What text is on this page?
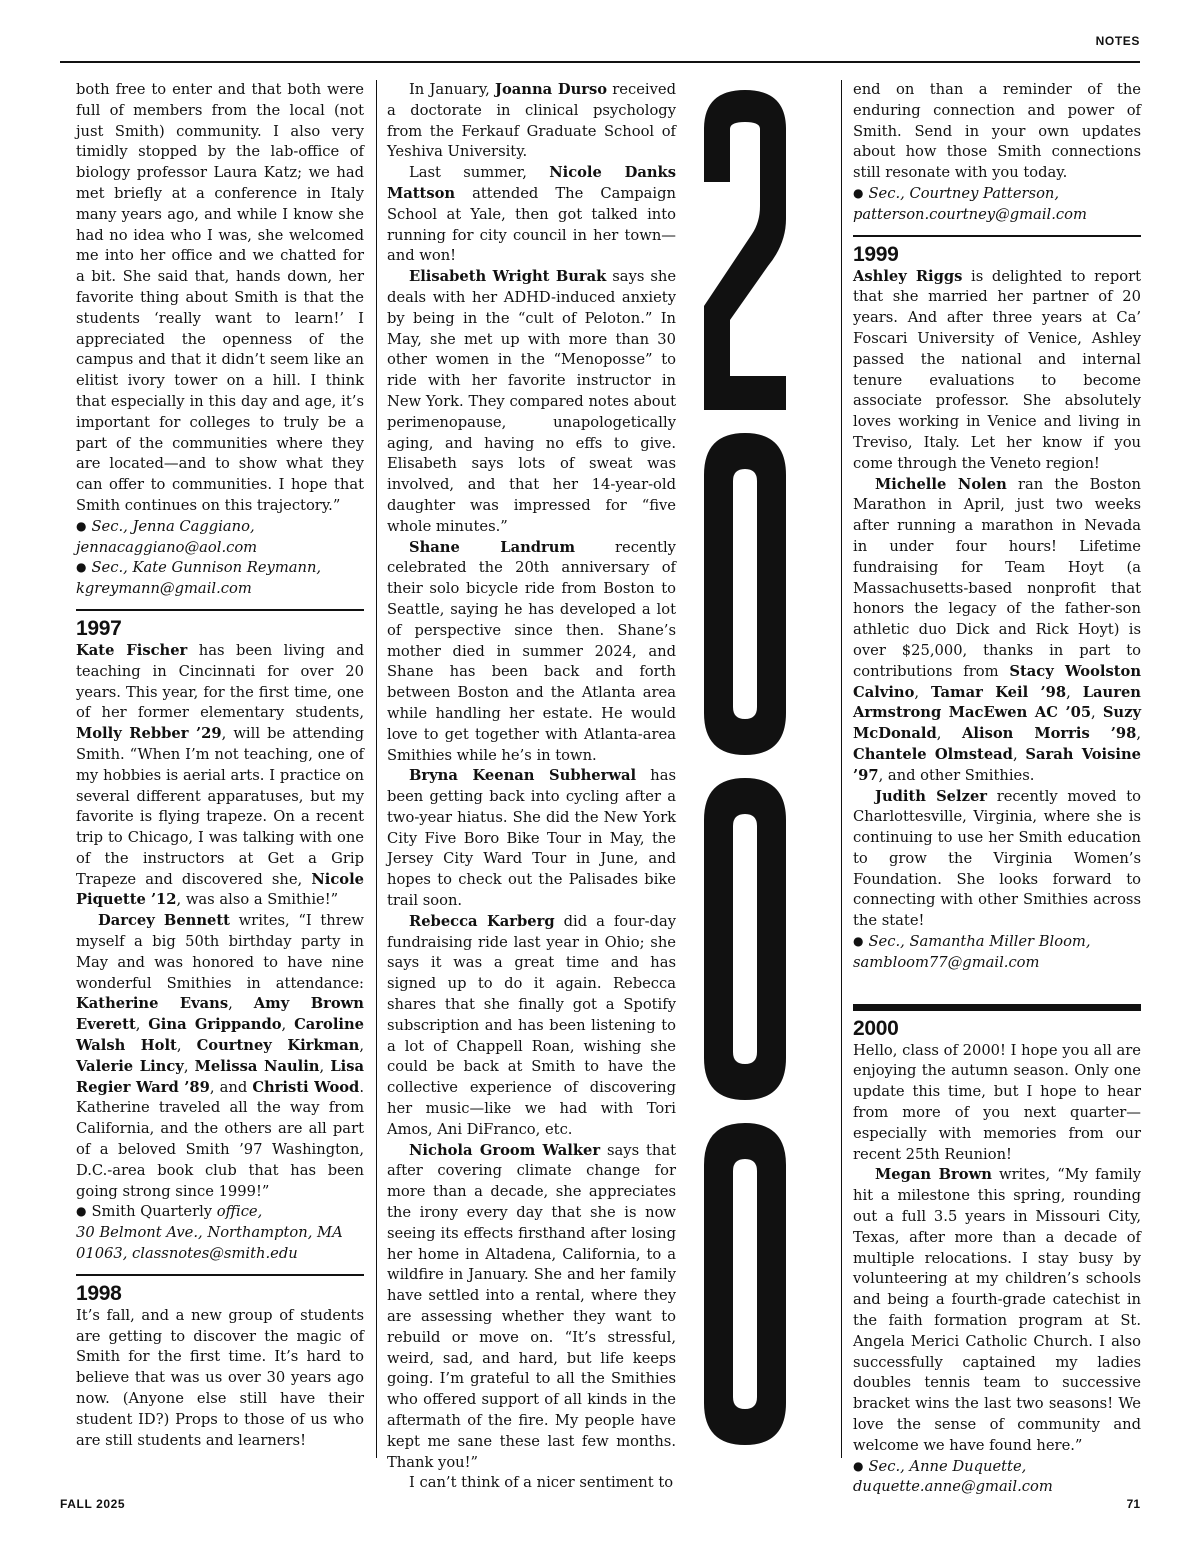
NOTES

both free to enter and that both were full of members from the local (not just Smith) community. I also very timidly stopped by the lab-office of biology professor Laura Katz; we had met briefly at a conference in Italy many years ago, and while I know she had no idea who I was, she welcomed me into her office and we chatted for a bit. She said that, hands down, her favorite thing about Smith is that the students ‘really want to learn!’ I appreciated the openness of the campus and that it didn’t seem like an elitist ivory tower on a hill. I think that especially in this day and age, it’s important for colleges to truly be a part of the communities where they are located—and to show what they can offer to communities. I hope that Smith continues on this trajectory.”

● Sec., Jenna Caggiano,
jennacaggiano@aol.com
● Sec., Kate Gunnison Reymann,
kgreymann@gmail.com
1997

Kate Fischer has been living and teaching in Cincinnati for over 20 years. This year, for the first time, one of her former elementary students, Molly Rebber ’29, will be attending Smith. “When I’m not teaching, one of my hobbies is aerial arts. I practice on several different apparatuses, but my favorite is flying trapeze. On a recent trip to Chicago, I was talking with one of the instructors at Get a Grip Trapeze and discovered she, Nicole Piquette ’12, was also a Smithie!”

Darcey Bennett writes, “I threw myself a big 50th birthday party in May and was honored to have nine wonderful Smithies in attendance: Katherine Evans, Amy Brown Everett, Gina Grippando, Caroline Walsh Holt, Courtney Kirkman, Valerie Lincy, Melissa Naulin, Lisa Regier Ward ’89, and Christi Wood. Katherine traveled all the way from California, and the others are all part of a beloved Smith ’97 Washington, D.C.-area book club that has been going strong since 1999!”

● Smith Quarterly office,
30 Belmont Ave., Northampton, MA
01063, classnotes@smith.edu
1998

It’s fall, and a new group of students are getting to discover the magic of Smith for the first time. It’s hard to believe that was us over 30 years ago now. (Anyone else still have their student ID?) Props to those of us who are still students and learners!

In January, Joanna Durso received a doctorate in clinical psychology from the Ferkauf Graduate School of Yeshiva University.

Last summer, Nicole Danks Mattson attended The Campaign School at Yale, then got talked into running for city council in her town—and won!

Elisabeth Wright Burak says she deals with her ADHD-induced anxiety by being in the “cult of Peloton.” In May, she met up with more than 30 other women in the “Menoposse” to ride with her favorite instructor in New York. They compared notes about perimenopause, unapologetically aging, and having no effs to give. Elisabeth says lots of sweat was involved, and that her 14-year-old daughter was impressed for “five whole minutes.”

Shane Landrum recently celebrated the 20th anniversary of their solo bicycle ride from Boston to Seattle, saying he has developed a lot of perspective since then. Shane’s mother died in summer 2024, and Shane has been back and forth between Boston and the Atlanta area while handling her estate. He would love to get together with Atlanta-area Smithies while he’s in town.

Bryna Keenan Subherwal has been getting back into cycling after a two-year hiatus. She did the New York City Five Boro Bike Tour in May, the Jersey City Ward Tour in June, and hopes to check out the Palisades bike trail soon.

Rebecca Karberg did a four-day fundraising ride last year in Ohio; she says it was a great time and has signed up to do it again. Rebecca shares that she finally got a Spotify subscription and has been listening to a lot of Chappell Roan, wishing she could be back at Smith to have the collective experience of discovering her music—like we had with Tori Amos, Ani DiFranco, etc.

Nichola Groom Walker says that after covering climate change for more than a decade, she appreciates the irony every day that she is now seeing its effects firsthand after losing her home in Altadena, California, to a wildfire in January. She and her family have settled into a rental, where they are assessing whether they want to rebuild or move on. “It’s stressful, weird, sad, and hard, but life keeps going. I’m grateful to all the Smithies who offered support of all kinds in the aftermath of the fire. My people have kept me sane these last few months. Thank you!”

I can’t think of a nicer sentiment to

end on than a reminder of the enduring connection and power of Smith. Send in your own updates about how those Smith connections still resonate with you today.

● Sec., Courtney Patterson,
patterson.courtney@gmail.com
1999

Ashley Riggs is delighted to report that she married her partner of 20 years. And after three years at Ca’ Foscari University of Venice, Ashley passed the national and internal tenure evaluations to become associate professor. She absolutely loves working in Venice and living in Treviso, Italy. Let her know if you come through the Veneto region!

Michelle Nolen ran the Boston Marathon in April, just two weeks after running a marathon in Nevada in under four hours! Lifetime fundraising for Team Hoyt (a Massachusetts-based nonprofit that honors the legacy of the father-son athletic duo Dick and Rick Hoyt) is over $25,000, thanks in part to contributions from Stacy Woolston Calvino, Tamar Keil ’98, Lauren Armstrong MacEwen AC ’05, Suzy McDonald, Alison Morris ’98, Chantele Olmstead, Sarah Voisine ’97, and other Smithies.

Judith Selzer recently moved to Charlottesville, Virginia, where she is continuing to use her Smith education to grow the Virginia Women’s Foundation. She looks forward to connecting with other Smithies across the state!

● Sec., Samantha Miller Bloom,
sambloom77@gmail.com
2000

Hello, class of 2000! I hope you all are enjoying the autumn season. Only one update this time, but I hope to hear from more of you next quarter—especially with memories from our recent 25th Reunion!

Megan Brown writes, “My family hit a milestone this spring, rounding out a full 3.5 years in Missouri City, Texas, after more than a decade of multiple relocations. I stay busy by volunteering at my children’s schools and being a fourth-grade catechist in the faith formation program at St. Angela Merici Catholic Church. I also successfully captained my ladies doubles tennis team to successive bracket wins the last two seasons! We love the sense of community and welcome we have found here.”

● Sec., Anne Duquette,
duquette.anne@gmail.com
FALL 2025	71
